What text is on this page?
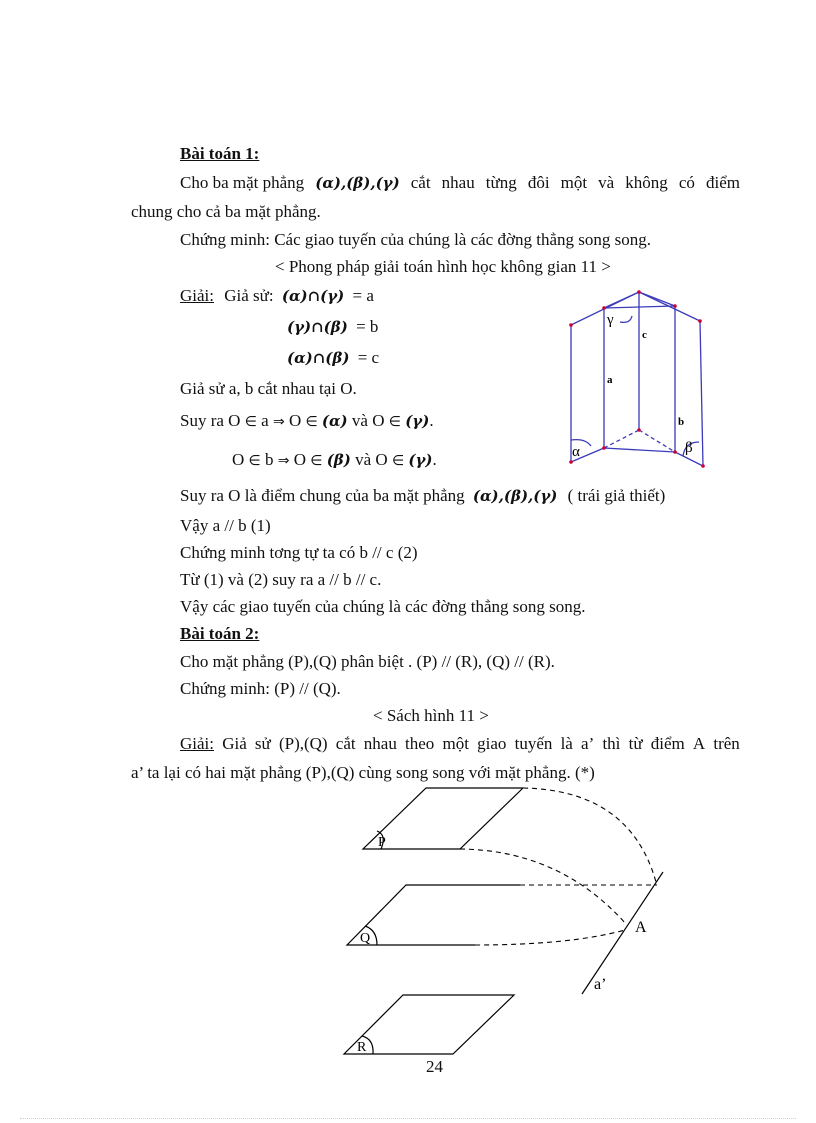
Bài toán 1:
Cho ba mặt phẳng (α),(β),(γ) cắt nhau từng đôi một và không có điểm
chung cho cả ba mặt phẳng.
Chứng minh: Các giao tuyến của chúng là các đờng thẳng song song.
< Phong pháp giải toán hình học không gian 11 >
Giải: Giả sử: (α)∩(γ) = a
(γ)∩(β) = b
(α)∩(β) = c
Giả sử a, b cắt nhau tại O.
Suy ra O ∈ a ⇒ O ∈ (α) và O ∈ (γ).
O ∈ b ⇒ O ∈ (β) và O ∈ (γ).
Suy ra O là điểm chung của ba mặt phẳng (α),(β),(γ) ( trái giả thiết)
Vậy a // b (1)
Chứng minh tơng tự ta có b // c (2)
Từ (1) và (2) suy ra a // b // c.
Vậy các giao tuyến của chúng là các đờng thẳng song song.
γ
c
a
b
α	β
Bài toán 2:
Cho mặt phẳng (P),(Q) phân biệt . (P) // (R), (Q) // (R).
Chứng minh: (P) // (Q).
< Sách hình 11 >
Giải: Giả sử (P),(Q) cắt nhau theo một giao tuyến là a’ thì từ điểm A trên
a’ ta lại có hai mặt phẳng (P),(Q) cùng song song với mặt phẳng. (*)
P
Q
R
A
a’
24
